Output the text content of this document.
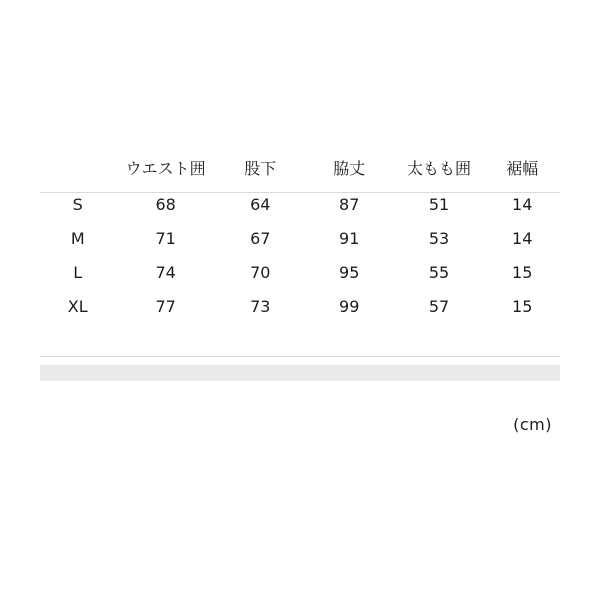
	ウエスト囲	股下	脇丈	太もも囲	裾幅
S	68	64	87	51	14
M	71	67	91	53	14
L	74	70	95	55	15
XL	77	73	99	57	15
(cm)
